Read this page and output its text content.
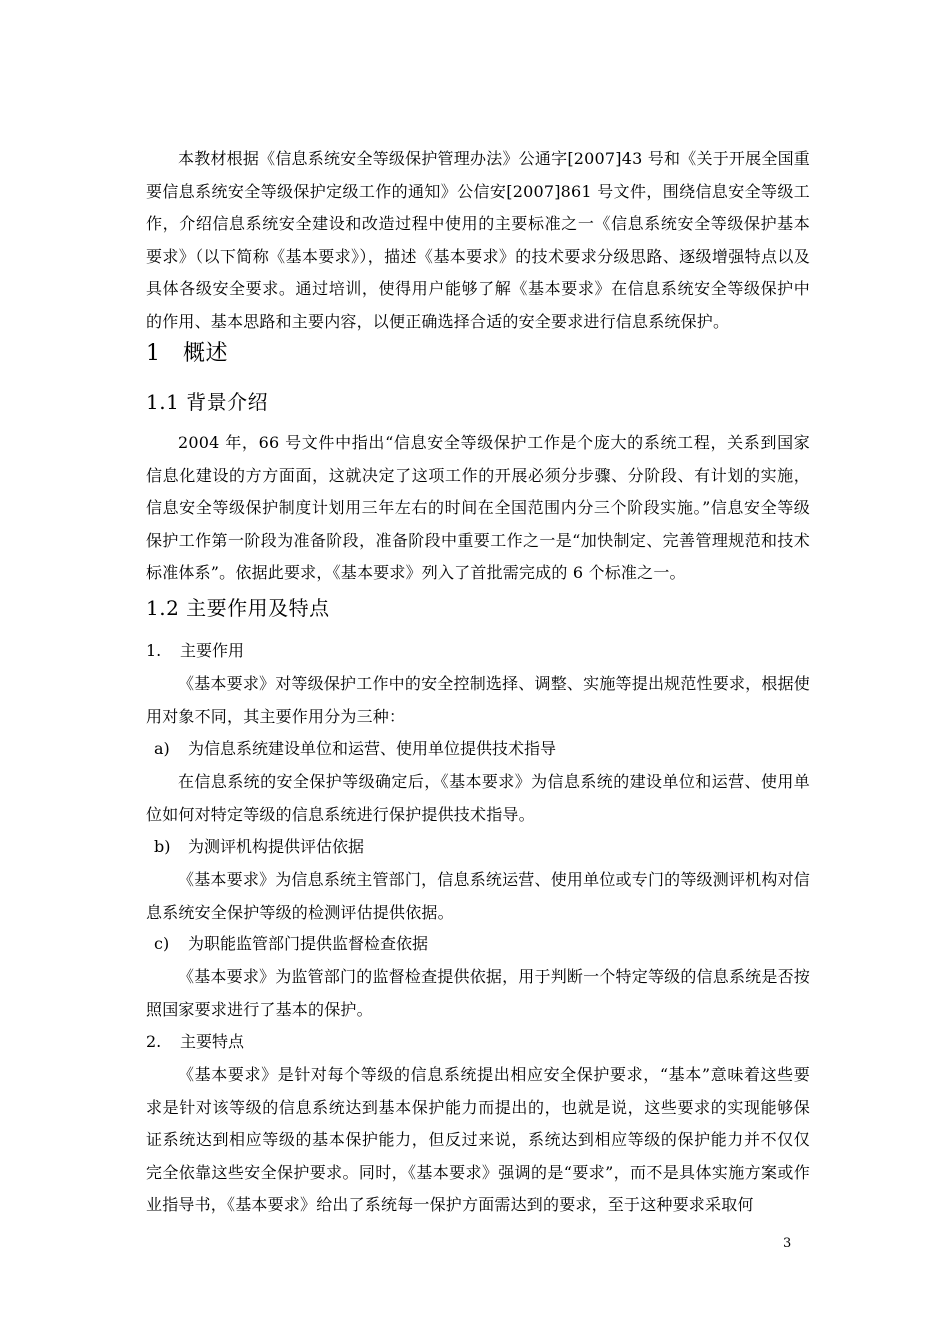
本教材根据《信息系统安全等级保护管理办法》公通字[2007]43 号和《关于开展全国重要信息系统安全等级保护定级工作的通知》公信安[2007]861 号文件，围绕信息安全等级工作，介绍信息系统安全建设和改造过程中使用的主要标准之一《信息系统安全等级保护基本要求》（以下简称《基本要求》），描述《基本要求》的技术要求分级思路、逐级增强特点以及具体各级安全要求。通过培训，使得用户能够了解《基本要求》在信息系统安全等级保护中的作用、基本思路和主要内容，以便正确选择合适的安全要求进行信息系统保护。

1　概述
1.1 背景介绍

2004 年，66 号文件中指出“信息安全等级保护工作是个庞大的系统工程，关系到国家信息化建设的方方面面，这就决定了这项工作的开展必须分步骤、分阶段、有计划的实施，信息安全等级保护制度计划用三年左右的时间在全国范围内分三个阶段实施。”信息安全等级保护工作第一阶段为准备阶段，准备阶段中重要工作之一是“加快制定、完善管理规范和技术标准体系”。依据此要求，《基本要求》列入了首批需完成的 6 个标准之一。

1.2 主要作用及特点
1. 主要作用

《基本要求》对等级保护工作中的安全控制选择、调整、实施等提出规范性要求，根据使用对象不同，其主要作用分为三种：

a) 为信息系统建设单位和运营、使用单位提供技术指导

在信息系统的安全保护等级确定后，《基本要求》为信息系统的建设单位和运营、使用单位如何对特定等级的信息系统进行保护提供技术指导。

b) 为测评机构提供评估依据

《基本要求》为信息系统主管部门，信息系统运营、使用单位或专门的等级测评机构对信息系统安全保护等级的检测评估提供依据。

c) 为职能监管部门提供监督检查依据

《基本要求》为监管部门的监督检查提供依据，用于判断一个特定等级的信息系统是否按照国家要求进行了基本的保护。

2. 主要特点

《基本要求》是针对每个等级的信息系统提出相应安全保护要求，“基本”意味着这些要求是针对该等级的信息系统达到基本保护能力而提出的，也就是说，这些要求的实现能够保证系统达到相应等级的基本保护能力，但反过来说，系统达到相应等级的保护能力并不仅仅完全依靠这些安全保护要求。同时，《基本要求》强调的是“要求”，而不是具体实施方案或作业指导书，《基本要求》给出了系统每一保护方面需达到的要求，至于这种要求采取何

3
